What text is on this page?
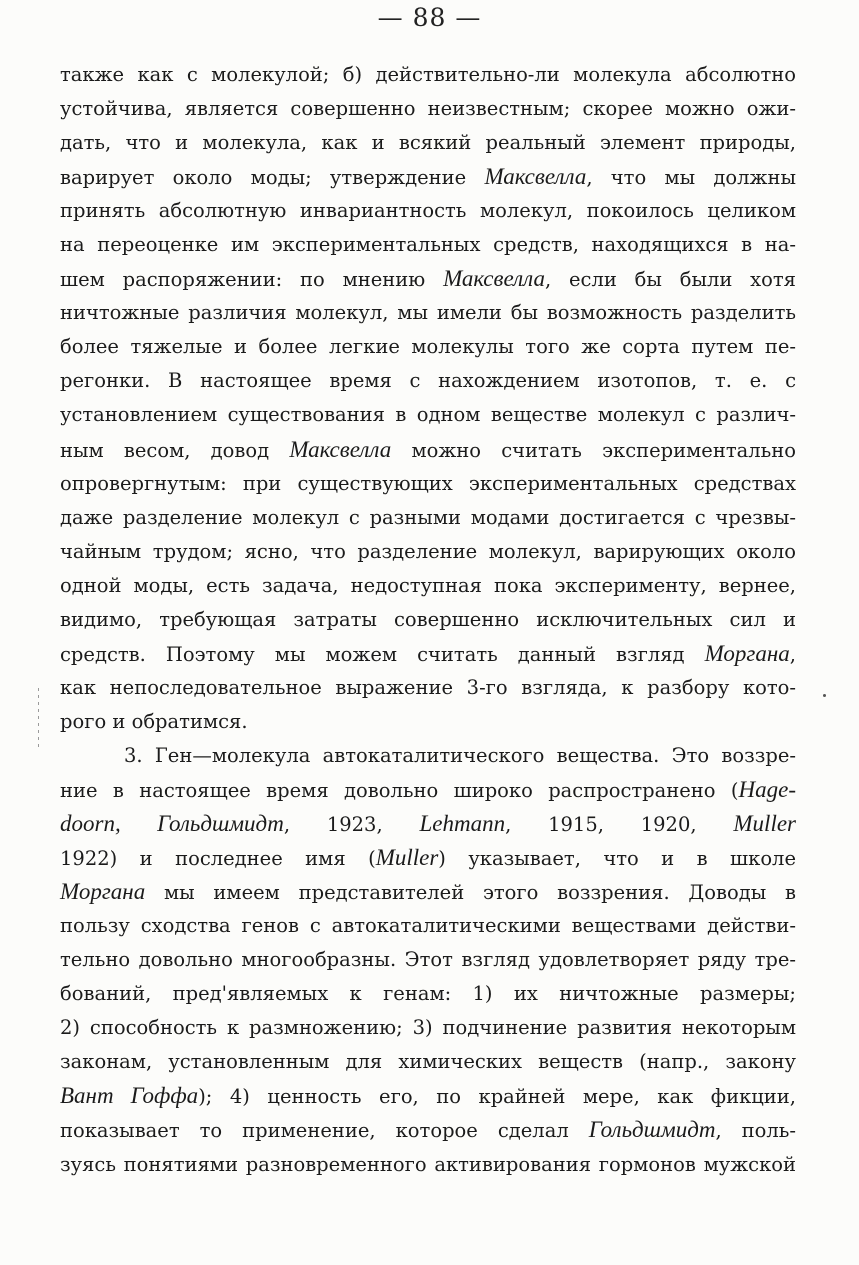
— 88 —
также как с молекулой; б) действительно-ли молекула абсолютно
устойчива, является совершенно неизвестным; скорее можно ожи-
дать, что и молекула, как и всякий реальный элемент природы,
варирует около моды; утверждение Максвелла, что мы должны
принять абсолютную инвариантность молекул, покоилось целиком
на переоценке им экспериментальных средств, находящихся в на-
шем распоряжении: по мнению Максвелла, если бы были хотя
ничтожные различия молекул, мы имели бы возможность разделить
более тяжелые и более легкие молекулы того же сорта путем пе-
регонки. В настоящее время с нахождением изотопов, т. е. с
установлением существования в одном веществе молекул с различ-
ным весом, довод Максвелла можно считать экспериментально
опровергнутым: при существующих экспериментальных средствах
даже разделение молекул с разными модами достигается с чрезвы-
чайным трудом; ясно, что разделение молекул, варирующих около
одной моды, есть задача, недоступная пока эксперименту, вернее,
видимо, требующая затраты совершенно исключительных сил и
средств. Поэтому мы можем считать данный взгляд Моргана,
как непоследовательное выражение 3-го взгляда, к разбору кото-
рого и обратимся.
3. Ген—молекула автокаталитического вещества. Это воззре-
ние в настоящее время довольно широко распространено (Hage-
doorn, Гольдшмидт, 1923, Lehmann, 1915, 1920, Muller
1922) и последнее имя (Muller) указывает, что и в школе
Моргана мы имеем представителей этого воззрения. Доводы в
пользу сходства генов с автокаталитическими веществами действи-
тельно довольно многообразны. Этот взгляд удовлетворяет ряду тре-
бований, пред'являемых к генам: 1) их ничтожные размеры;
2) способность к размножению; 3) подчинение развития некоторым
законам, установленным для химических веществ (напр., закону
Вант Гоффа); 4) ценность его, по крайней мере, как фикции,
показывает то применение, которое сделал Гольдшмидт, поль-
зуясь понятиями разновременного активирования гормонов мужской
